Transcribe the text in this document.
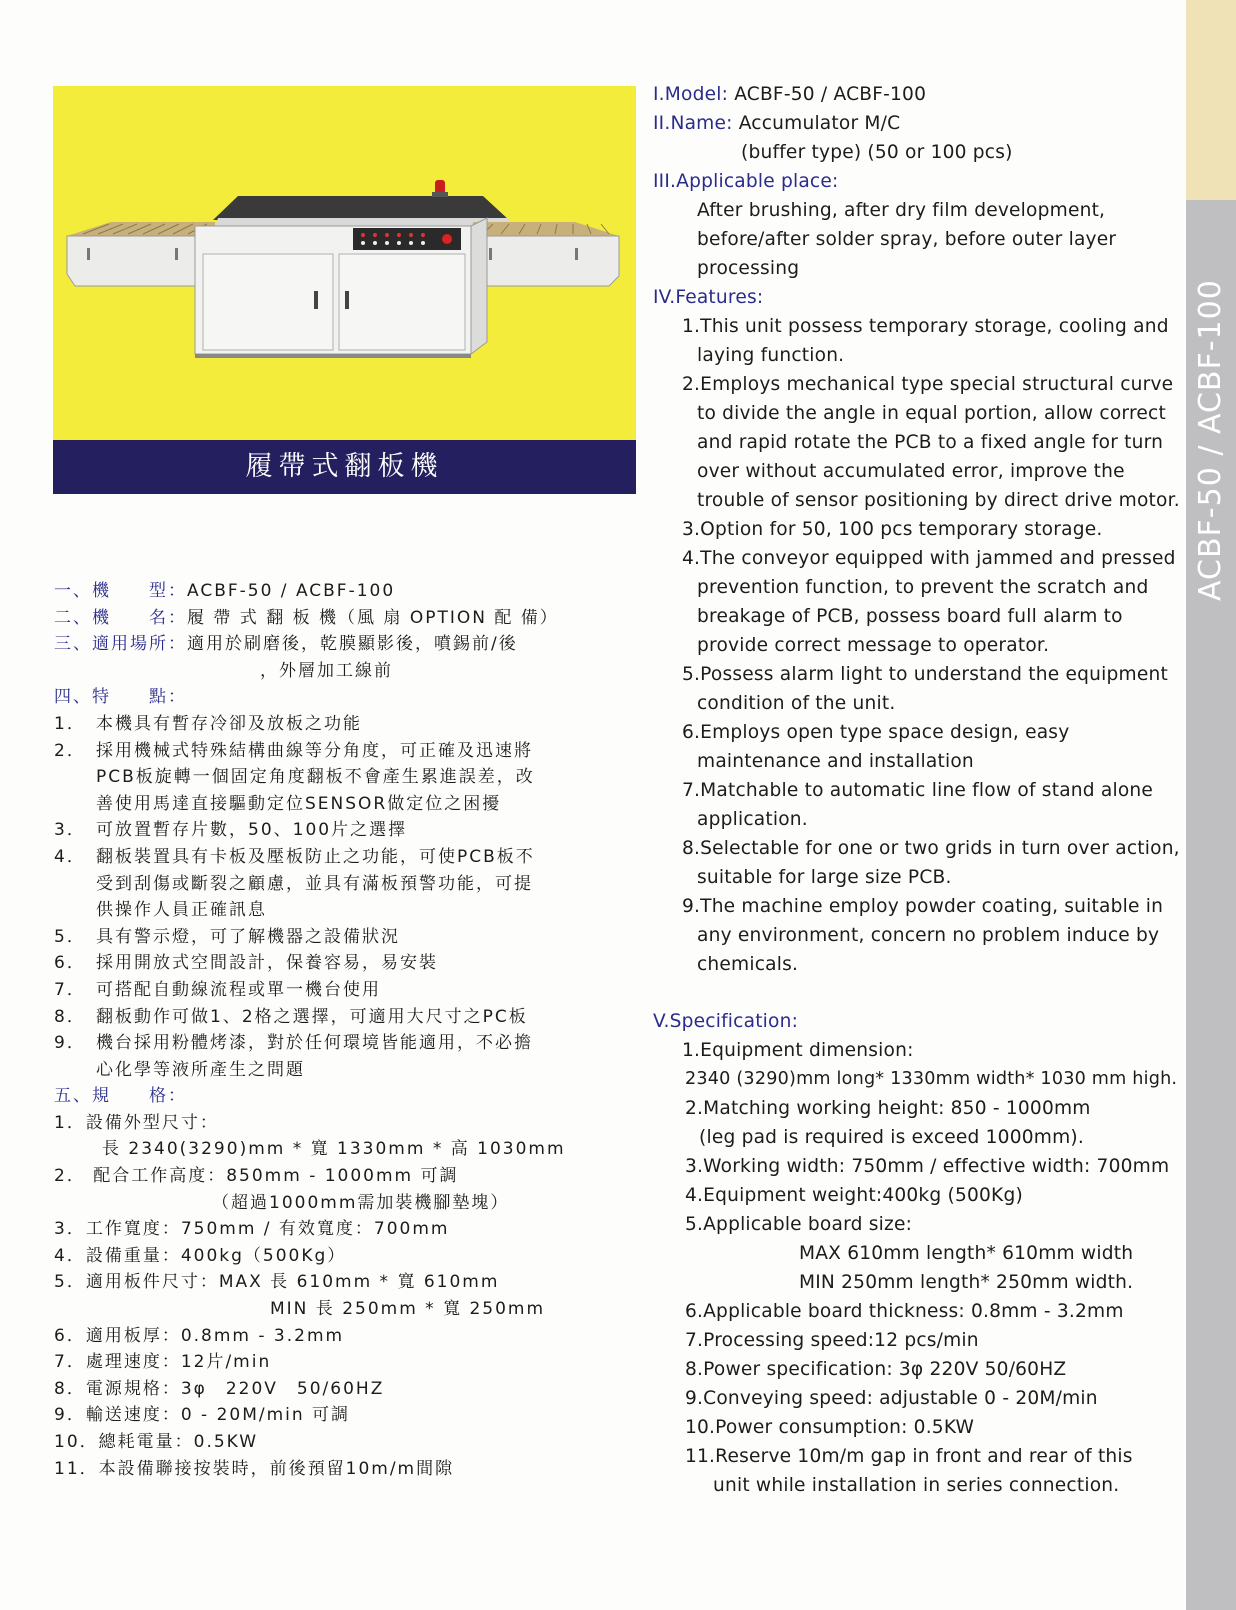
ACBF-50 / ACBF-100
履帶式翻板機
一、機　　型：ACBF-50 / ACBF-100
二、機　　名：履 帶 式 翻 板 機（風 扇 OPTION 配 備）
三、適用場所：適用於刷磨後，乾膜顯影後，噴錫前/後
，外層加工線前
四、特　　點：
1． 本機具有暫存冷卻及放板之功能
2． 採用機械式特殊結構曲線等分角度，可正確及迅速將
PCB板旋轉一個固定角度翻板不會產生累進誤差，改
善使用馬達直接驅動定位SENSOR做定位之困擾
3． 可放置暫存片數，50、100片之選擇
4． 翻板裝置具有卡板及壓板防止之功能，可使PCB板不
受到刮傷或斷裂之顧慮，並具有滿板預警功能，可提
供操作人員正確訊息
5． 具有警示燈，可了解機器之設備狀況
6． 採用開放式空間設計，保養容易，易安裝
7． 可搭配自動線流程或單一機台使用
8． 翻板動作可做1、2格之選擇，可適用大尺寸之PC板
9． 機台採用粉體烤漆，對於任何環境皆能適用，不必擔
心化學等液所產生之問題
五、規　　格：
1．設備外型尺寸：
長 2340(3290)mm * 寬 1330mm * 高 1030mm
2． 配合工作高度：850mm - 1000mm 可調
（超過1000mm需加裝機腳墊塊）
3．工作寬度：750mm / 有效寬度：700mm
4．設備重量：400kg（500Kg）
5．適用板件尺寸：MAX 長 610mm * 寬 610mm
MIN 長 250mm * 寬 250mm
6．適用板厚：0.8mm - 3.2mm
7．處理速度：12片/min
8．電源規格：3φ　220V　50/60HZ
9．輸送速度：0 - 20M/min 可調
10．總耗電量：0.5KW
11．本設備聯接按裝時，前後預留10m/m間隙
I.Model: ACBF-50 / ACBF-100
II.Name: Accumulator M/C
(buffer type) (50 or 100 pcs)
III.Applicable place:
After brushing, after dry film development,
before/after solder spray, before outer layer
processing
IV.Features:
1.This unit possess temporary storage, cooling and
laying function.
2.Employs mechanical type special structural curve
to divide the angle in equal portion, allow correct
and rapid rotate the PCB to a fixed angle for turn
over without accumulated error, improve the
trouble of sensor positioning by direct drive motor.
3.Option for 50, 100 pcs temporary storage.
4.The conveyor equipped with jammed and pressed
prevention function, to prevent the scratch and
breakage of PCB, possess board full alarm to
provide correct message to operator.
5.Possess alarm light to understand the equipment
condition of the unit.
6.Employs open type space design, easy
maintenance and installation
7.Matchable to automatic line flow of stand alone
application.
8.Selectable for one or two grids in turn over action,
suitable for large size PCB.
9.The machine employ powder coating, suitable in
any environment, concern no problem induce by
chemicals.
V.Specification:
1.Equipment dimension:
2340 (3290)mm long* 1330mm width* 1030 mm high.
2.Matching working height: 850 - 1000mm
(leg pad is required is exceed 1000mm).
3.Working width: 750mm / effective width: 700mm
4.Equipment weight:400kg (500Kg)
5.Applicable board size:
MAX 610mm length* 610mm width
MIN 250mm length* 250mm width.
6.Applicable board thickness: 0.8mm - 3.2mm
7.Processing speed:12 pcs/min
8.Power specification: 3φ 220V 50/60HZ
9.Conveying speed: adjustable 0 - 20M/min
10.Power consumption: 0.5KW
11.Reserve 10m/m gap in front and rear of this
unit while installation in series connection.
